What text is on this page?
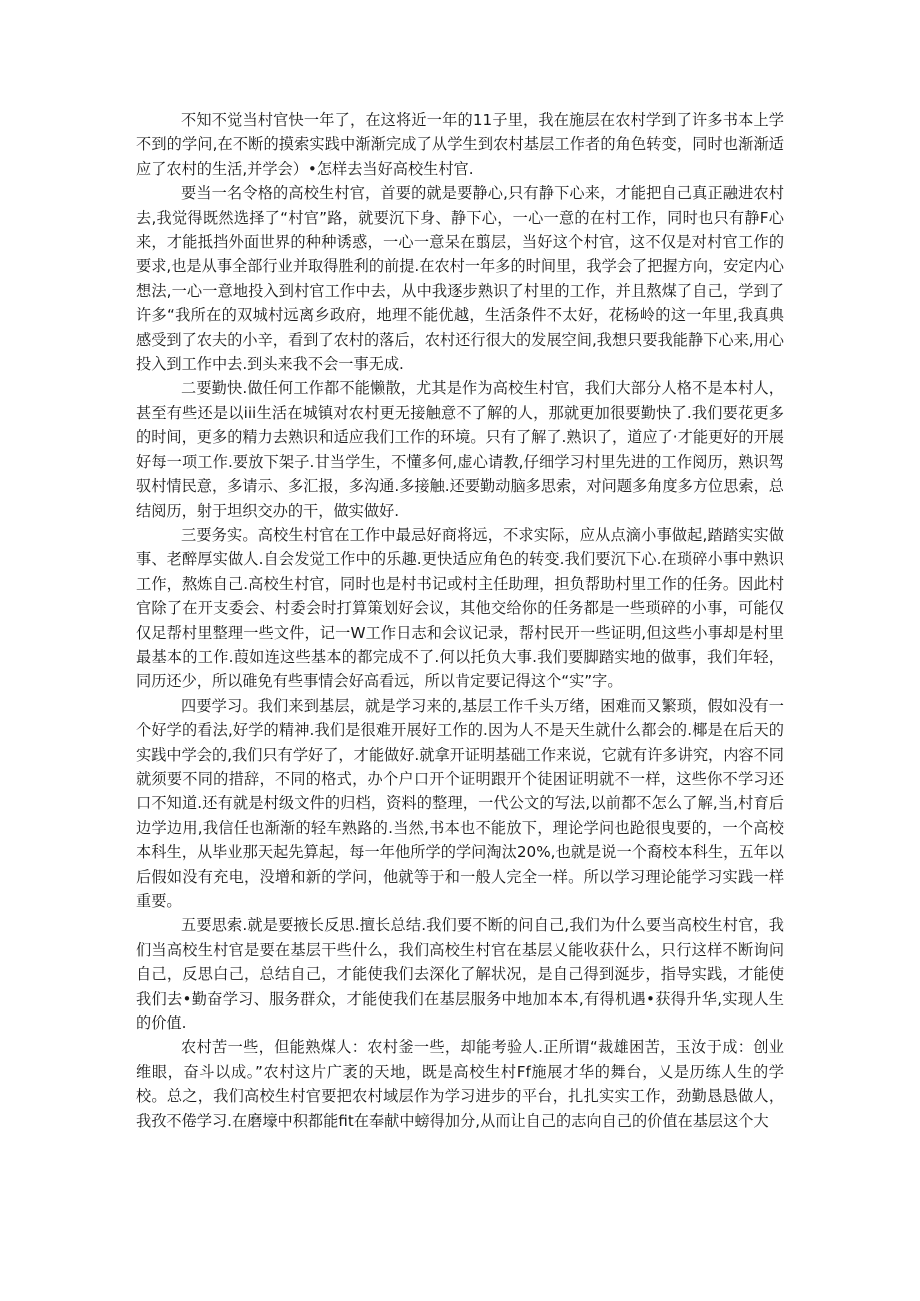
不知不觉当村官快一年了，在这将近一年的11子里，我在施层在农村学到了许多书本上学不到的学问,在不断的摸索实践中渐渐完成了从学生到农村基层工作者的角色转变，同时也渐渐适应了农村的生活,并学会）•怎样去当好高校生村官.

要当一名令格的高校生村官，首要的就是要静心,只有静下心来，才能把自己真正融进农村去,我觉得既然选择了“村官”路，就要沉下身、静下心，一心一意的在村工作，同时也只有静F心来，才能抵挡外面世界的种种诱惑，一心一意呆在翦层，当好这个村官，这不仅是对村官工作的要求,也是从事全部行业并取得胜利的前提.在农村一年多的时间里，我学会了把握方向，安定内心想法,一心一意地投入到村官工作中去，从中我逐步熟识了村里的工作，并且熬煤了自己，学到了许多“我所在的双城村远离乡政府，地理不能优越，生活条件不太好，花杨岭的这一年里,我真典感受到了农夫的小辛，看到了农村的落后，农村还行很大的发展空间,我想只要我能静下心来,用心投入到工作中去.到头来我不会一事无成.

二要勤快.做任何工作都不能懒散，尤其是作为高校生村官，我们大部分人格不是本村人，甚至有些还是以iii生活在城镇对农村更无接触意不了解的人，那就更加很要勤快了.我们要花更多的时间，更多的精力去熟识和适应我们工作的环境。只有了解了.熟识了，道应了·才能更好的开展好每一项工作.要放下架子.甘当学生，不懂多何,虚心请教,仔细学习村里先进的工作阅历，熟识驾驭村情民意，多请示、多汇报，多沟通.多接触.还要勤动脑多思索，对问题多角度多方位思索，总结阅历，射于坦织交办的干，做实做好.

三要务实。高校生村官在工作中最忌好商将远，不求实际，应从点滴小事做起,踏踏实实做事、老醉厚实做人.自会发觉工作中的乐趣.更快适应角色的转变.我们要沉下心.在琐碎小事中熟识工作，熬炼自己.高校生村官，同时也是村书记或村主任助理，担负帮助村里工作的任务。因此村官除了在开支委会、村委会时打算策划好会议，其他交给你的任务都是一些琐碎的小事，可能仅仅足帮村里整理一些文件，记一W工作日志和会议记录，帮村民开一些证明,但这些小事却是村里最基本的工作.葭如连这些基本的都完成不了.何以托负大事.我们要脚踏实地的做事，我们年轻，同历还少，所以碓免有些事情会好高看远，所以肯定要记得这个“实”字。

四要学习。我们来到基层，就是学习来的,基层工作千头万绪，困难而又繁琐，假如没有一个好学的看法,好学的精神.我们是很难开展好工作的.因为人不是天生就什么都会的.椰是在后天的实践中学会的,我们只有学好了，才能做好.就拿开证明基础工作来说，它就有许多讲究，内容不同就须要不同的措辞，不同的格式，办个户口开个证明跟开个徒困证明就不一样，这些你不学习还口不知道.还有就是村级文件的归档，资料的整理，一代公文的写法,以前都不怎么了解,当,村育后边学边用,我信任也渐渐的轻车熟路的.当然,书本也不能放下，理论学问也跄很曳要的，一个高校本科生，从毕业那天起先算起，每一年他所学的学问淘汰20%,也就是说一个裔校本科生，五年以后假如没有充电，没增和新的学问，他就等于和一般人完全一样。所以学习理论能学习实践一样重要。

五要思索.就是要掖长反思.擅长总结.我们要不断的问自己,我们为什么要当高校生村官，我们当高校生村官是要在基层干些什么，我们高校生村官在基层乂能收获什么，只行这样不断询问自己，反思白己，总结自己，才能使我们去深化了解状况，是自己得到涎步，指导实践，才能使我们去•勤奋学习、服务群众，才能使我们在基层服务中地加本本,有得机遇•获得升华,实现人生的价值.

农村苦一些，但能熟煤人：农村釜一些，却能考验人.正所谓“裁雄困苦，玉汝于成：创业维眼，奋斗以成。”农村这片广袤的天地，既是高校生村Ff施展才华的舞台，乂是历练人生的学校。总之，我们高校生村官要把农村域层作为学习进步的平台，扎扎实实工作，劲勤恳恳做人，我孜不倦学习.在磨壕中积都能fit在奉献中螃得加分,从而让自己的志向自己的价值在基层这个大
